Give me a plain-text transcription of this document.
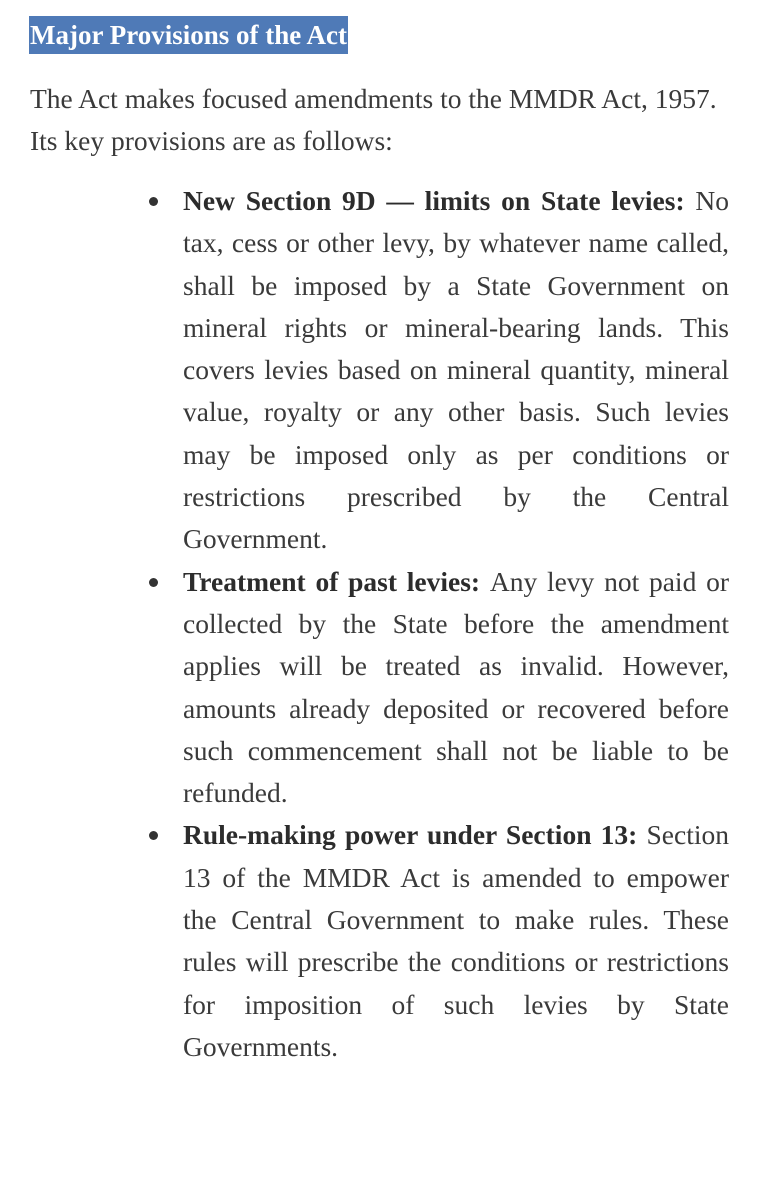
Major Provisions of the Act

The Act makes focused amendments to the MMDR Act, 1957. Its key provisions are as follows:

New Section 9D — limits on State levies: No tax, cess or other levy, by whatever name called, shall be imposed by a State Government on mineral rights or mineral-bearing lands. This covers levies based on mineral quantity, mineral value, royalty or any other basis. Such levies may be imposed only as per conditions or restrictions prescribed by the Central Government.
Treatment of past levies: Any levy not paid or collected by the State before the amendment applies will be treated as invalid. However, amounts already deposited or recovered before such commencement shall not be liable to be refunded.
Rule-making power under Section 13: Section 13 of the MMDR Act is amended to empower the Central Government to make rules. These rules will prescribe the conditions or restrictions for imposition of such levies by State Governments.
